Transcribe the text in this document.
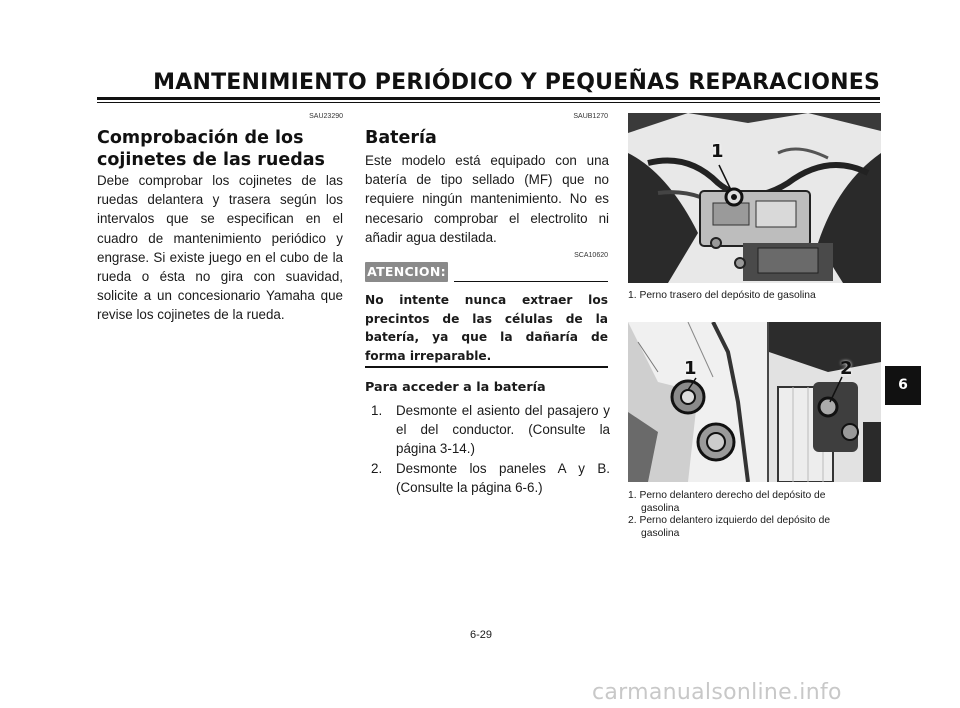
MANTENIMIENTO PERIÓDICO Y PEQUEÑAS REPARACIONES
SAU23290
Comprobación de los
cojinetes de las ruedas
Debe comprobar los cojinetes de las ruedas delantera y trasera según los intervalos que se especifican en el cuadro de mantenimiento periódico y engrase. Si existe juego en el cubo de la rueda o ésta no gira con suavidad, solicite a un concesionario Yamaha que revise los cojinetes de la rueda.
SAUB1270
Batería
Este modelo está equipado con una batería de tipo sellado (MF) que no requiere ningún mantenimiento. No es necesario comprobar el electrolito ni añadir agua destilada.
SCA10620
ATENCION:
No intente nunca extraer los precintos de las células de la batería, ya que la dañaría de forma irreparable.
Para acceder a la batería
1. Desmonte el asiento del pasajero y el del conductor. (Consulte la página 3-14.)
2. Desmonte los paneles A y B. (Consulte la página 6-6.)
1
1. Perno trasero del depósito de gasolina
1	2
1. Perno delantero derecho del depósito de
gasolina
2. Perno delantero izquierdo del depósito de
gasolina
6
6-29
carmanualsonline.info
